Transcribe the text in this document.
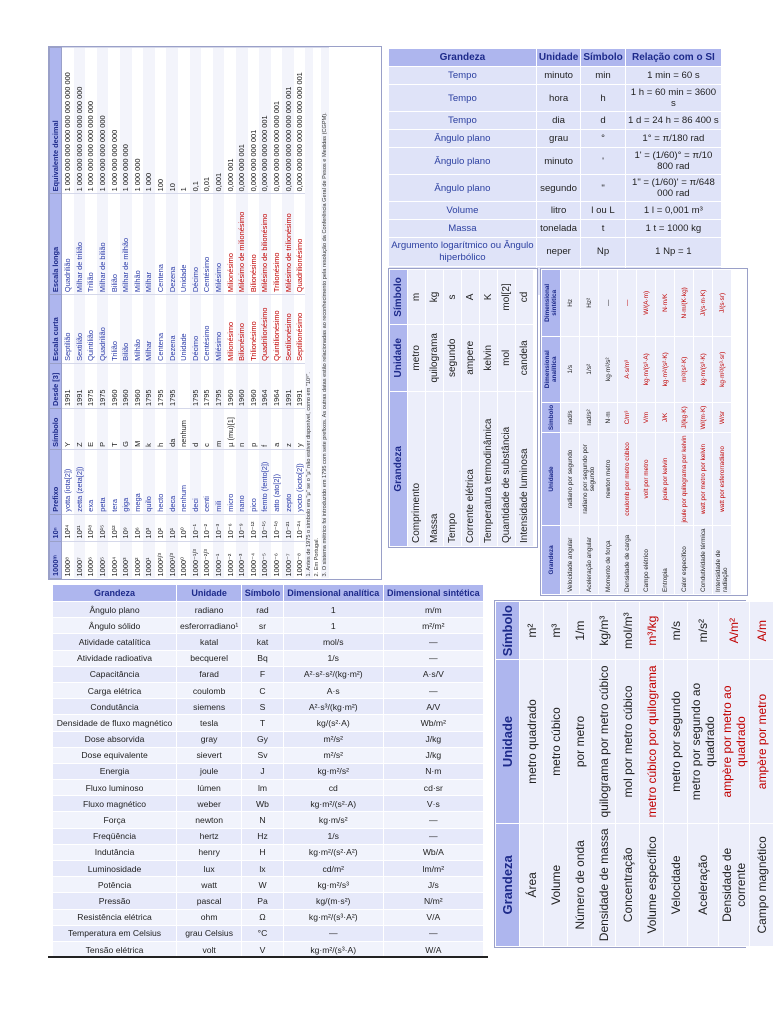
1000ᵐ	10ⁿ	Prefixo	Símbolo	Desde [3]	Escala curta	Escala longa	Equivalente decimal
1000⁸	10²⁴	yotta (iota[2])	Y	1991	Septilião	Quadrilião	1 000 000 000 000 000 000 000 000
1000⁷	10²¹	zetta (zeta[2])	Z	1991	Sextilião	Milhar de trilião	1 000 000 000 000 000 000 000
1000⁶	10¹⁸	exa	E	1975	Quintilião	Trilião	1 000 000 000 000 000 000
1000⁵	10¹⁵	peta	P	1975	Quadrilião	Milhar de bilião	1 000 000 000 000 000
1000⁴	10¹²	tera	T	1960	Trilião	Bilião	1 000 000 000 000
1000³	10⁹	giga	G	1960	Bilião	Milhar de milhão	1 000 000 000
1000²	10⁶	mega	M	1960	Milhão	Milhão	1 000 000
1000¹	10³	quilo	k	1795	Milhar	Milhar	1 000
1000²/³	10²	hecto	h	1795	Centena	Centena	100
1000¹/³	10¹	deca	da	1795	Dezena	Dezena	10
1000⁰	10⁰	nenhum	nenhum		Unidade	Unidade	1
1000⁻¹/³	10⁻¹	deci	d	1795	Décimo	Décimo	0,1
1000⁻²/³	10⁻²	centi	c	1795	Centésimo	Centésimo	0,01
1000⁻¹	10⁻³	mili	m	1795	Milésimo	Milésimo	0,001
1000⁻²	10⁻⁶	micro	µ (mu)[1]	1960	Milionésimo	Milionésimo	0,000 001
1000⁻³	10⁻⁹	nano	n	1960	Bilionésimo	Milésimo de milionésimo	0,000 000 001
1000⁻⁴	10⁻¹²	pico	p	1960	Trilionésimo	Bilionésimo	0,000 000 000 001
1000⁻⁵	10⁻¹⁵	femto (fento[2])	f	1964	Quadrilionésimo	Milésimo de bilionésimo	0,000 000 000 000 001
1000⁻⁶	10⁻¹⁸	atto (ato[2])	a	1964	Quintilionésimo	Trilionésimo	0,000 000 000 000 000 001
1000⁻⁷	10⁻²¹	zepto	z	1991	Sextilionésimo	Milésimo de trilionésimo	0,000 000 000 000 000 000 001
1000⁻⁸	10⁻²⁴	yocto (iocto[2])	y	1991	Septilionésimo	Quadrilionésimo	0,000 000 000 000 000 000 000 001
1. Antes de 1975 o símbolo era "µ" se o "µ" não estiver disponível, como em "10⁶".							
2. Em Portugal.							
3. O sistema métrico foi introduzido em 1795 com sete prefixos. As outras datas estão relacionadas ao reconhecimento pela resolução da Conferência Geral de Pesos e Medidas (CGPM).							
Grandeza	Unidade	Símbolo	Relação com o SI
Tempo	minuto	min	1 min = 60 s
Tempo	hora	h	1 h = 60 min = 3600 s
Tempo	dia	d	1 d = 24 h = 86 400 s
Ângulo plano	grau	°	1° = π/180 rad
Ângulo plano	minuto	'	1' = (1/60)° = π/10 800 rad
Ângulo plano	segundo	"	1" = (1/60)' = π/648 000 rad
Volume	litro	l ou L	1 l = 0,001 m³
Massa	tonelada	t	1 t = 1000 kg
Argumento logarítmico ou Ângulo hiperbólico	neper	Np	1 Np = 1

Grandeza	Unidade	Símbolo
Comprimento	metro	m
Massa	quilograma	kg
Tempo	segundo	s
Corrente elétrica	ampere	A
Temperatura termodinâmica	kelvin	K
Quantidade de substância	mol	mol[2]
Intensidade luminosa	candela	cd
Grandeza	Unidade	Símbolo	Dimensional analítica	Dimensional sintética
Velocidade angular	radiano por segundo	rad/s	1/s	Hz
Aceleração angular	radiano por segundo por segundo	rad/s²	1/s²	Hz²
Momento de força	newton metro	N·m	kg·m²/s²	—
Densidade de carga	coulomb por metro cúbico	C/m³	A·s/m³	—
Campo elétrico	volt por metro	V/m	kg·m/(s³·A)	W/(A·m)
Entropia	joule por kelvin	J/K	kg·m²/(s²·K)	N·m/K
Calor específico	joule por quilograma por kelvin	J/(kg·K)	m²/(s²·K)	N·m/(K·kg)
Condutividade térmica	watt por metro por kelvin	W/(m·K)	kg·m/(s³·K)	J/(s·m·K)
Intensidade de radiação	watt por esferorradiano	W/sr	kg·m²/(s³·sr)	J/(s·sr)
Grandeza	Unidade	Símbolo	Dimensional analítica	Dimensional sintética
Ângulo plano	radiano	rad	1	m/m
Ângulo sólido	esferorradiano¹	sr	1	m²/m²
Atividade catalítica	katal	kat	mol/s	—
Atividade radioativa	becquerel	Bq	1/s	—
Capacitância	farad	F	A²·s²·s²/(kg·m²)	A·s/V
Carga elétrica	coulomb	C	A·s	—
Condutância	siemens	S	A²·s³/(kg·m²)	A/V
Densidade de fluxo magnético	tesla	T	kg/(s²·A)	Wb/m²
Dose absorvida	gray	Gy	m²/s²	J/kg
Dose equivalente	sievert	Sv	m²/s²	J/kg
Energia	joule	J	kg·m²/s²	N·m
Fluxo luminoso	lúmen	lm	cd	cd·sr
Fluxo magnético	weber	Wb	kg·m²/(s²·A)	V·s
Força	newton	N	kg·m/s²	—
Freqüência	hertz	Hz	1/s	—
Indutância	henry	H	kg·m²/(s²·A²)	Wb/A
Luminosidade	lux	lx	cd/m²	lm/m²
Potência	watt	W	kg·m²/s³	J/s
Pressão	pascal	Pa	kg/(m·s²)	N/m²
Resistência elétrica	ohm	Ω	kg·m²/(s³·A²)	V/A
Temperatura em Celsius	grau Celsius	°C	—	—
Tensão elétrica	volt	V	kg·m²/(s³·A)	W/A
Grandeza	Unidade	Símbolo
Área	metro quadrado	m²
Volume	metro cúbico	m³
Número de onda	por metro	1/m
Densidade de massa	quilograma por metro cúbico	kg/m³
Concentração	mol por metro cúbico	mol/m³
Volume específico	metro cúbico por quilograma	m³/kg
Velocidade	metro por segundo	m/s
Aceleração	metro por segundo ao quadrado	m/s²
Densidade de corrente	ampère por metro ao quadrado	A/m²
Campo magnético	ampère por metro	A/m
